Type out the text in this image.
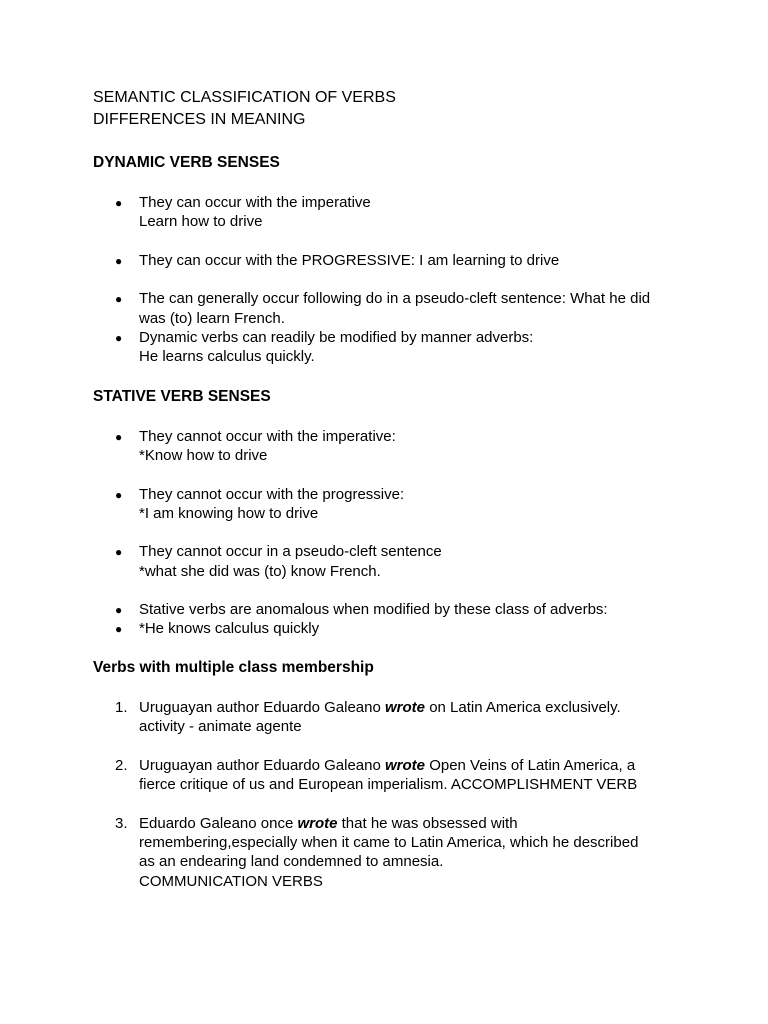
SEMANTIC CLASSIFICATION OF VERBS
DIFFERENCES IN MEANING
DYNAMIC VERB SENSES
● They can occur with the imperative
Learn how to drive
● They can occur with the PROGRESSIVE: I am learning to drive
● The can generally occur following do in a pseudo-cleft sentence: What he did
was (to) learn French.
● Dynamic verbs can readily be modified by manner adverbs:
He learns calculus quickly.
STATIVE VERB SENSES
● They cannot occur with the imperative:
*Know how to drive
● They cannot occur with the progressive:
*I am knowing how to drive
● They cannot occur in a pseudo-cleft sentence
*what she did was (to) know French.
● Stative verbs are anomalous when modified by these class of adverbs:
● *He knows calculus quickly
Verbs with multiple class membership
1. Uruguayan author Eduardo Galeano wrote on Latin America exclusively.
activity - animate agente
2. Uruguayan author Eduardo Galeano wrote Open Veins of Latin America, a
fierce critique of us and European imperialism. ACCOMPLISHMENT VERB
3. Eduardo Galeano once wrote that he was obsessed with
remembering,especially when it came to Latin America, which he described
as an endearing land condemned to amnesia.
COMMUNICATION VERBS
